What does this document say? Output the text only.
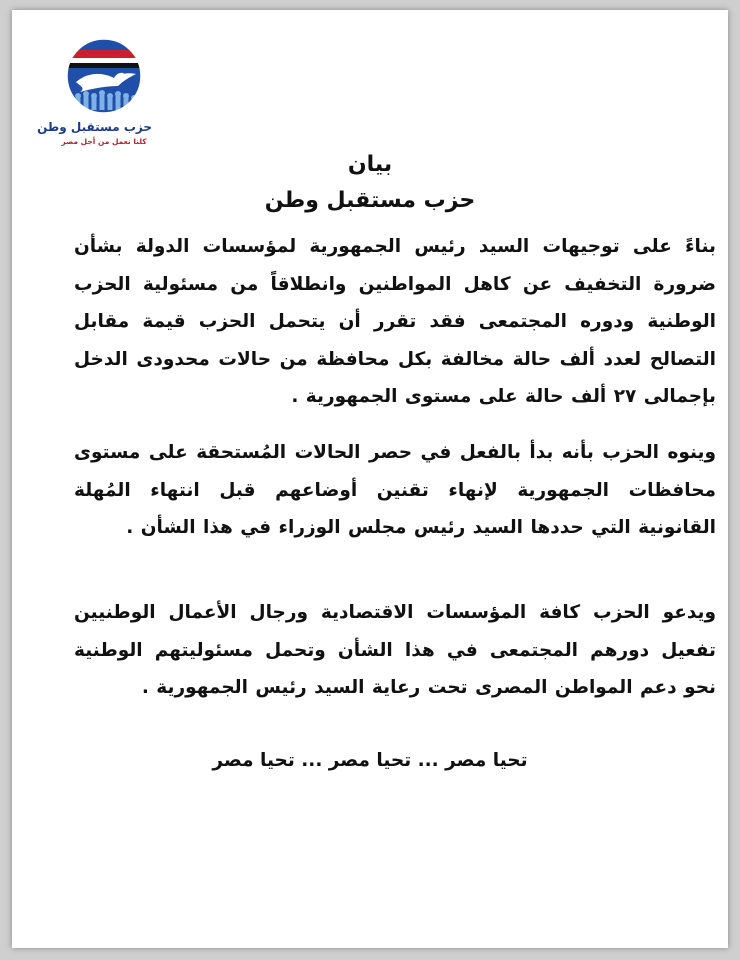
حزب مستقبل وطن
كلنا نعمل من أجل مصر
بيان
حزب مستقبل وطن
بناءً على توجيهات السيد رئيس الجمهورية لمؤسسات الدولة بشأن ضرورة التخفيف عن كاهل المواطنين وانطلاقاً من مسئولية الحزب الوطنية ودوره المجتمعى فقد تقرر أن يتحمل الحزب قيمة مقابل التصالح لعدد ألف حالة مخالفة بكل محافظة من حالات محدودى الدخل بإجمالى ٢٧ ألف حالة على مستوى الجمهورية .
وينوه الحزب بأنه بدأ بالفعل في حصر الحالات المُستحقة على مستوى محافظات الجمهورية لإنهاء تقنين أوضاعهم قبل انتهاء المُهلة القانونية التي حددها السيد رئيس مجلس الوزراء في هذا الشأن .
ويدعو الحزب كافة المؤسسات الاقتصادية ورجال الأعمال الوطنيين تفعيل دورهم المجتمعى في هذا الشأن وتحمل مسئوليتهم الوطنية نحو دعم المواطن المصرى تحت رعاية السيد رئيس الجمهورية .
تحيا مصر ... تحيا مصر ... تحيا مصر
